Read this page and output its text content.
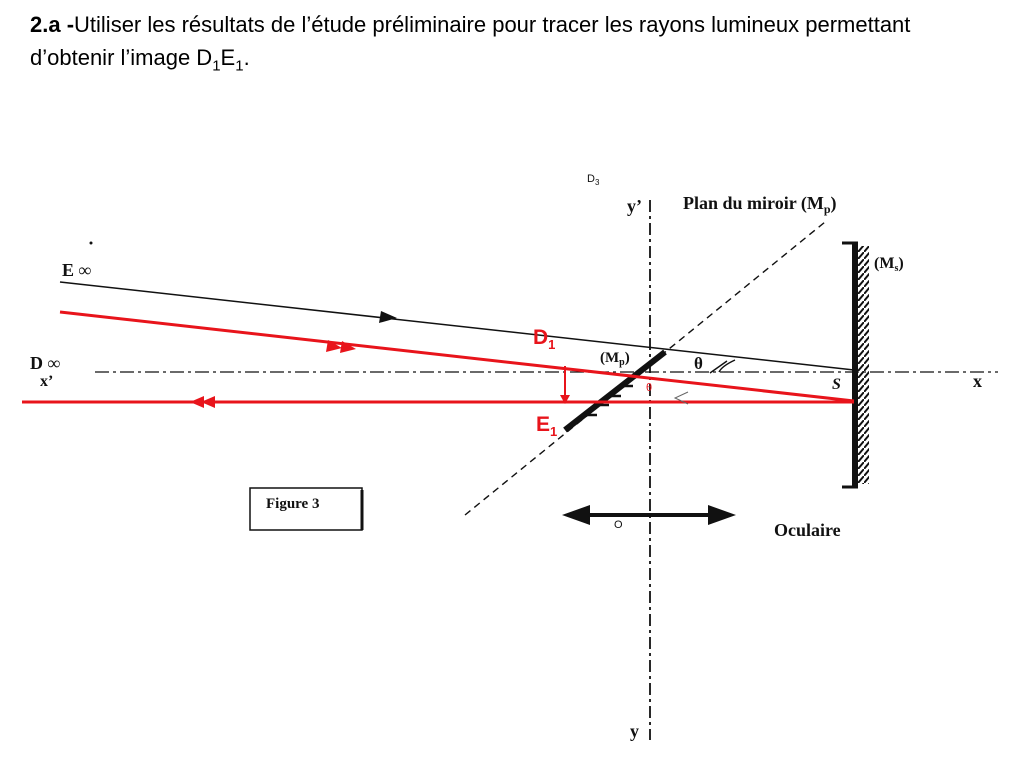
2.a -Utiliser les résultats de l’étude préliminaire pour tracer les rayons lumineux permettant d’obtenir l’image $D_1E_1$.
$D_3$
y’
y
Plan du miroir $(M_p)$
(Ms)
E ∞
D ∞
x’	x
S
$(M_p)$	θ
θ
$D_1$
$E_1$
Figure 3
O	Oculaire
